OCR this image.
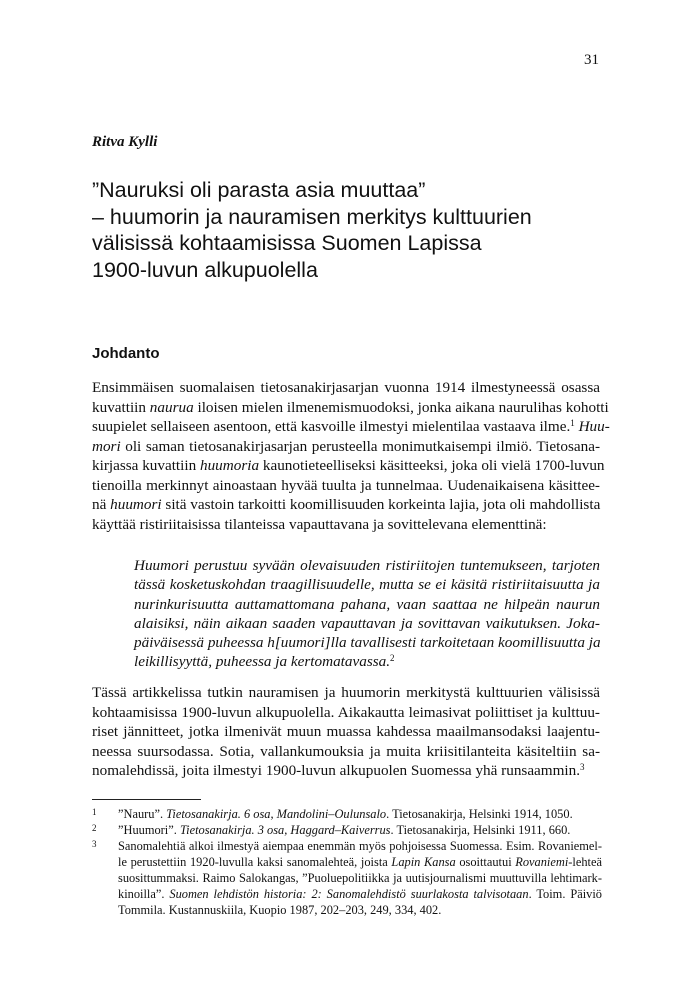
31
Ritva Kylli
”Nauruksi oli parasta asia muuttaa”
– huumorin ja nauramisen merkitys kulttuurien
välisissä kohtaamisissa Suomen Lapissa
1900-luvun alkupuolella
Johdanto

Ensimmäisen suomalaisen tietosanakirjasarjan vuonna 1914 ilmestyneessä osassa
kuvattiin naurua iloisen mielen ilmenemismuodoksi, jonka aikana naurulihas kohotti
suupielet sellaiseen asentoon, että kasvoille ilmestyi mielentilaa vastaava ilme.$^1$ Huu-
mori oli saman tietosanakirjasarjan perusteella monimutkaisempi ilmiö. Tietosana-
kirjassa kuvattiin huumoria kaunotieteelliseksi käsitteeksi, joka oli vielä 1700-luvun
tienoilla merkinnyt ainoastaan hyvää tuulta ja tunnelmaa. Uudenaikaisena käsittee-
nä huumori sitä vastoin tarkoitti koomillisuuden korkeinta lajia, jota oli mahdollista
käyttää ristiriitaisissa tilanteissa vapauttavana ja sovittelevana elementtinä:

Huumori perustuu syvään olevaisuuden ristiriitojen tuntemukseen, tarjoten
tässä kosketuskohdan traagillisuudelle, mutta se ei käsitä ristiriitaisuutta ja
nurinkurisuutta auttamattomana pahana, vaan saattaa ne hilpeän naurun
alaisiksi, näin aikaan saaden vapauttavan ja sovittavan vaikutuksen. Joka-
päiväisessä puheessa h[uumori]lla tavallisesti tarkoitetaan koomillisuutta ja
leikillisyyttä, puheessa ja kertomatavassa.$^2$

Tässä artikkelissa tutkin nauramisen ja huumorin merkitystä kulttuurien välisissä
kohtaamisissa 1900-luvun alkupuolella. Aikakautta leimasivat poliittiset ja kulttuu-
riset jännitteet, jotka ilmenivät muun muassa kahdessa maailmansodaksi laajentu-
neessa suursodassa. Sotia, vallankumouksia ja muita kriisitilanteita käsiteltiin sa-
nomalehdissä, joita ilmestyi 1900-luvun alkupuolen Suomessa yhä runsaammin.$^3$

1 ”Nauru”. Tietosanakirja. 6 osa, Mandolini–Oulunsalo. Tietosanakirja, Helsinki 1914, 1050.
2 ”Huumori”. Tietosanakirja. 3 osa, Haggard–Kaiverrus. Tietosanakirja, Helsinki 1911, 660.
3 Sanomalehtiä alkoi ilmestyä aiempaa enemmän myös pohjoisessa Suomessa. Esim. Rovaniemel-
le perustettiin 1920-luvulla kaksi sanomalehteä, joista Lapin Kansa osoittautui Rovaniemi-lehteä
suosittummaksi. Raimo Salokangas, ”Puoluepolitiikka ja uutisjournalismi muuttuvilla lehtimark-
kinoilla”. Suomen lehdistön historia: 2: Sanomalehdistö suurlakosta talvisotaan. Toim. Päiviö
Tommila. Kustannuskiila, Kuopio 1987, 202–203, 249, 334, 402.
